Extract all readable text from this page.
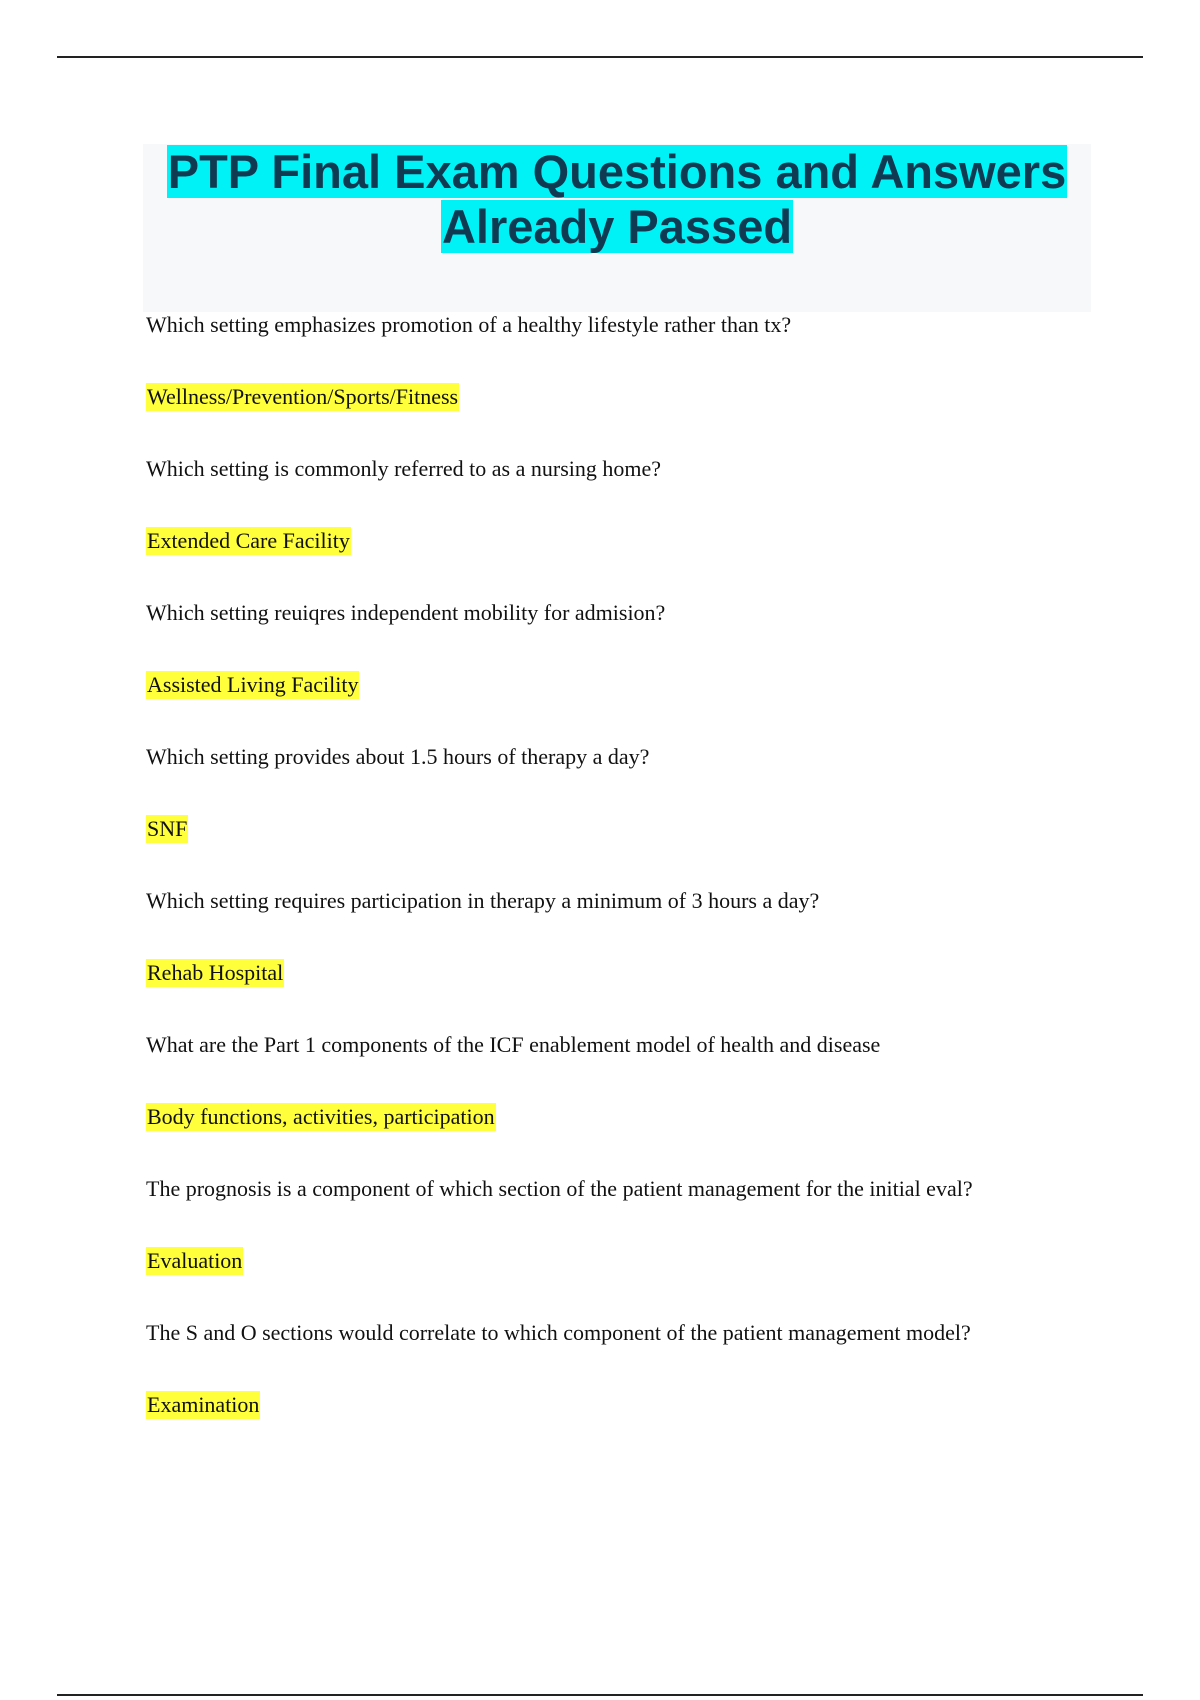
PTP Final Exam Questions and Answers
Already Passed

Which setting emphasizes promotion of a healthy lifestyle rather than tx?

Wellness/Prevention/Sports/Fitness

Which setting is commonly referred to as a nursing home?

Extended Care Facility

Which setting reuiqres independent mobility for admision?

Assisted Living Facility

Which setting provides about 1.5 hours of therapy a day?

SNF

Which setting requires participation in therapy a minimum of 3 hours a day?

Rehab Hospital

What are the Part 1 components of the ICF enablement model of health and disease

Body functions, activities, participation

The prognosis is a component of which section of the patient management for the initial eval?

Evaluation

The S and O sections would correlate to which component of the patient management model?

Examination
